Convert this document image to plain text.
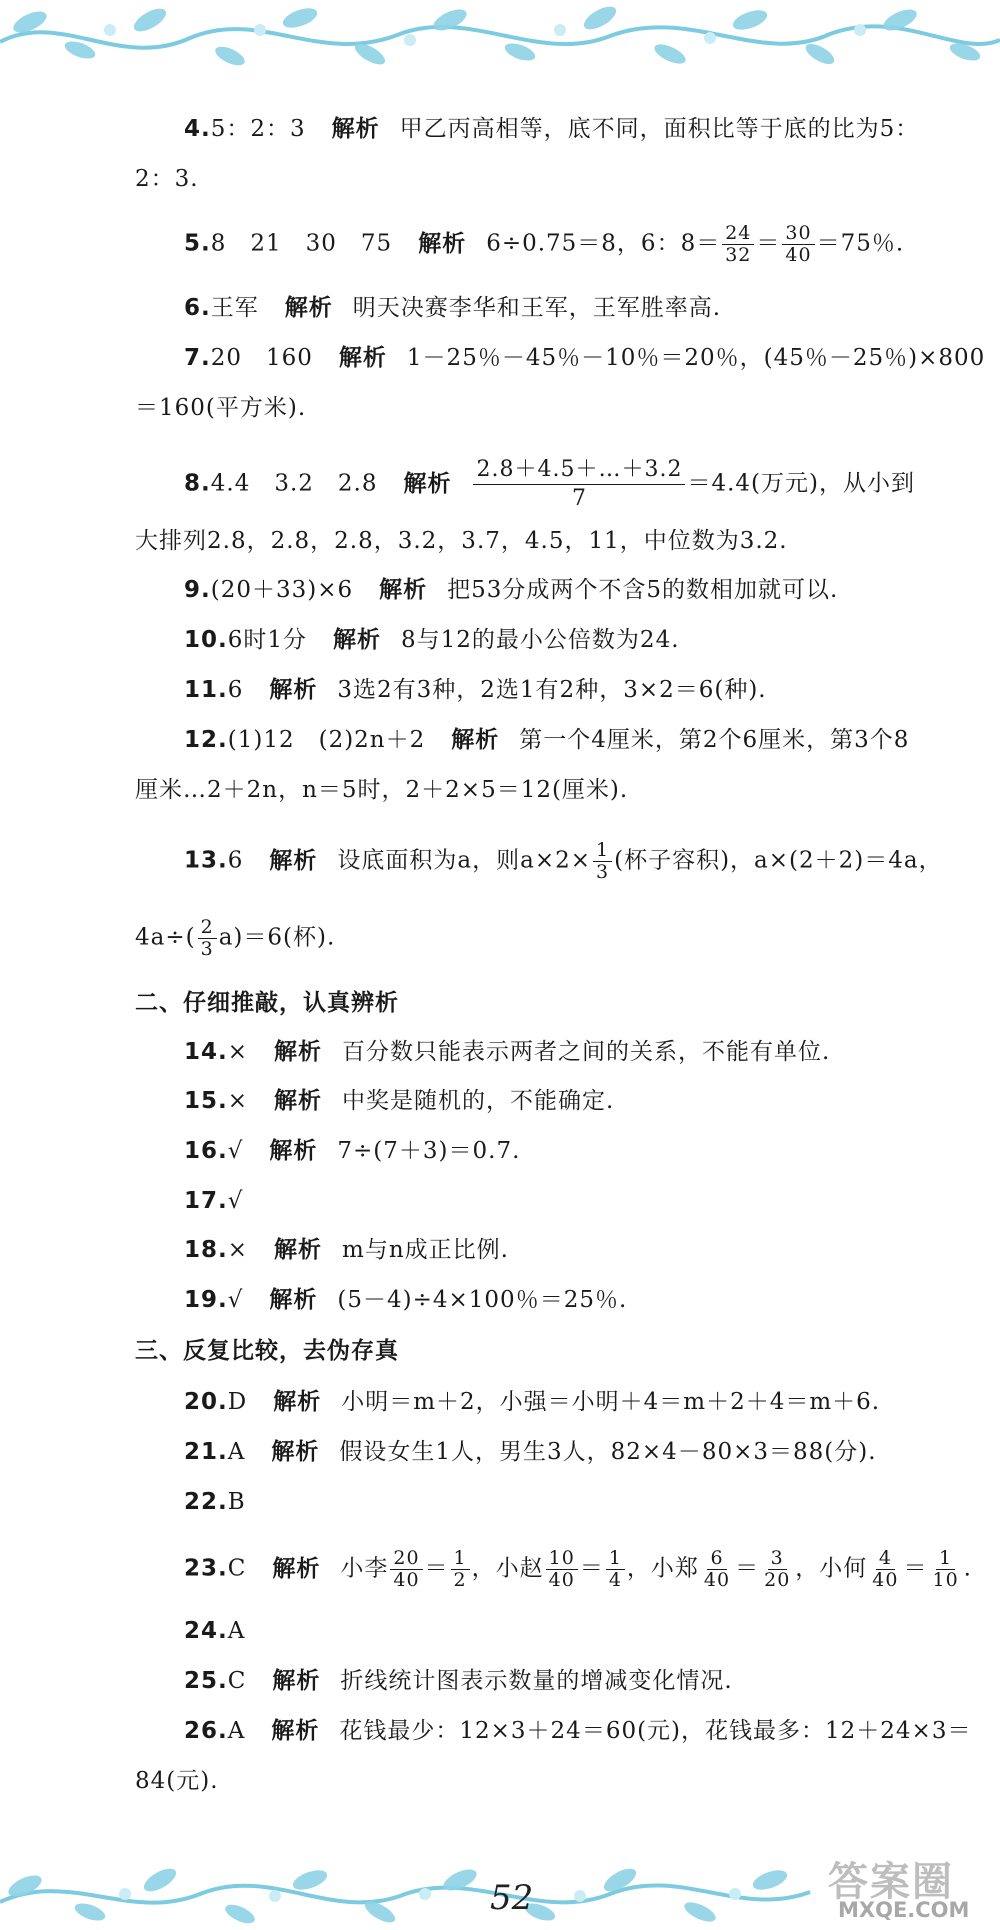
4.5：2：3 解析 甲乙丙高相等，底不同，面积比等于底的比为5：
2：3.
5.8　21　30　75 解析 6÷0.75＝8，6：$8= \frac{24}{32} = \frac{30}{40} =75$％.
6.王军 解析 明天决赛李华和王军，王军胜率高.
7.20　160 解析 1－25％－45％－10％＝20％，(45％－25％)×800
＝160(平方米).
8.4.4　3.2　2.8 解析 $\frac{2.8+4.5+\dots+3.2}{7} =4.4$(万元)，从小到
大排列2.8，2.8，2.8，3.2，3.7，4.5，11，中位数为3.2.
9.(20＋33)×6 解析 把53分成两个不含5的数相加就可以.
10.6时1分 解析 8与12的最小公倍数为24.
11.6 解析 3选2有3种，2选1有2种，3×2＝6(种).
12.(1)12　(2)2n＋2 解析 第一个4厘米，第2个6厘米，第3个8
厘米…2＋2n，n＝5时，2＋2×5＝12(厘米).
13.6 解析 设底面积为a，则$a\times 2\times \frac{1}{3}$ (杯子容积)，a×(2＋2)＝4a，
$4a\div( \frac{2}{3} a)=6$(杯).
二、仔细推敲，认真辨析
14.× 解析 百分数只能表示两者之间的关系，不能有单位.
15.× 解析 中奖是随机的，不能确定.
16.√ 解析 7÷(7＋3)＝0.7.
17.√
18.× 解析 m与n成正比例.
19.√ 解析 (5－4)÷4×100％＝25％.
三、反复比较，去伪存真
20.D 解析 小明＝m＋2，小强＝小明＋4＝m＋2＋4＝m＋6.
21.A 解析 假设女生1人，男生3人，82×4－80×3＝88(分).
22.B
23.C 解析 小李 $\frac{20}{40} = \frac{1}{2}$ ，小赵 $\frac{10}{40} = \frac{1}{4}$ ，小郑 $\frac{6}{40} = \frac{3}{20}$ ，小何 $\frac{4}{40} = \frac{1}{10}$ .
24.A
25.C 解析 折线统计图表示数量的增减变化情况.
26.A 解析 花钱最少：12×3＋24＝60(元)，花钱最多：12＋24×3＝
84(元).
52	答案圈
MXQE.COM
